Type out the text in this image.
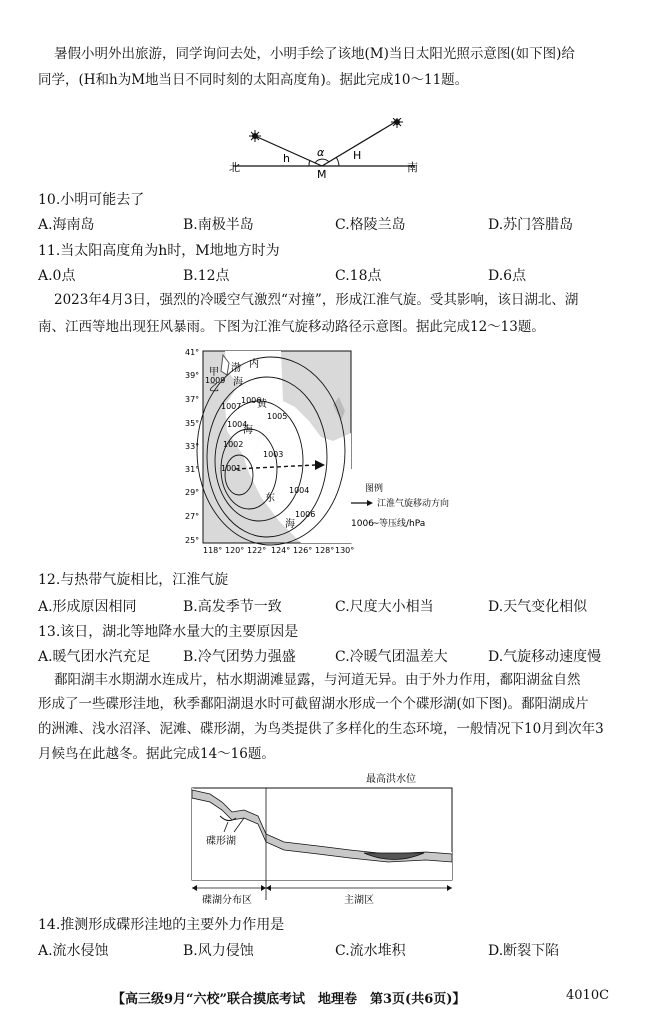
暑假小明外出旅游，同学询问去处，小明手绘了该地(M)当日太阳光照示意图(如下图)给
同学，(H和h为M地当日不同时刻的太阳高度角)。据此完成10～11题。
北	南
h α	H
M
10.小明可能去了
A.海南岛	B.南极半岛	C.格陵兰岛	D.苏门答腊岛
11.当太阳高度角为h时，M地地方时为
A.0点	B.12点	C.18点	D.6点
2023年4月3日，强烈的冷暖空气激烈“对撞”，形成江淮气旋。受其影响，该日湖北、湖
南、江西等地出现狂风暴雨。下图为江淮气旋移动路径示意图。据此完成12～13题。
41°
39°
37°
35°
33°
31°
29°
27°
25°
118° 120° 122° 124° 126° 128° 130°
1009
1007
1006
1005
1004
1002
1003
1001
1004
1006
甲
乙
渤
海
内
黄
海
东
海
图例
江淮气旋移动方向
1006
~ 等压线/hPa
12.与热带气旋相比，江淮气旋
A.形成原因相同	B.高发季节一致	C.尺度大小相当	D.天气变化相似
13.该日，湖北等地降水量大的主要原因是
A.暖气团水汽充足 B.冷气团势力强盛	C.冷暖气团温差大	D.气旋移动速度慢
鄱阳湖丰水期湖水连成片，枯水期湖滩显露，与河道无异。由于外力作用，鄱阳湖盆自然
形成了一些碟形洼地，秋季鄱阳湖退水时可截留湖水形成一个个碟形湖(如下图)。鄱阳湖成片
的洲滩、浅水沼泽、泥滩、碟形湖，为鸟类提供了多样化的生态环境，一般情况下10月到次年3
月候鸟在此越冬。据此完成14～16题。
最高洪水位
碟形湖
碟湖分布区	主湖区
14.推测形成碟形洼地的主要外力作用是
A.流水侵蚀	B.风力侵蚀	C.流水堆积	D.断裂下陷
【高三级9月“六校”联合摸底考试　地理卷　第3页(共6页)】	4010C
